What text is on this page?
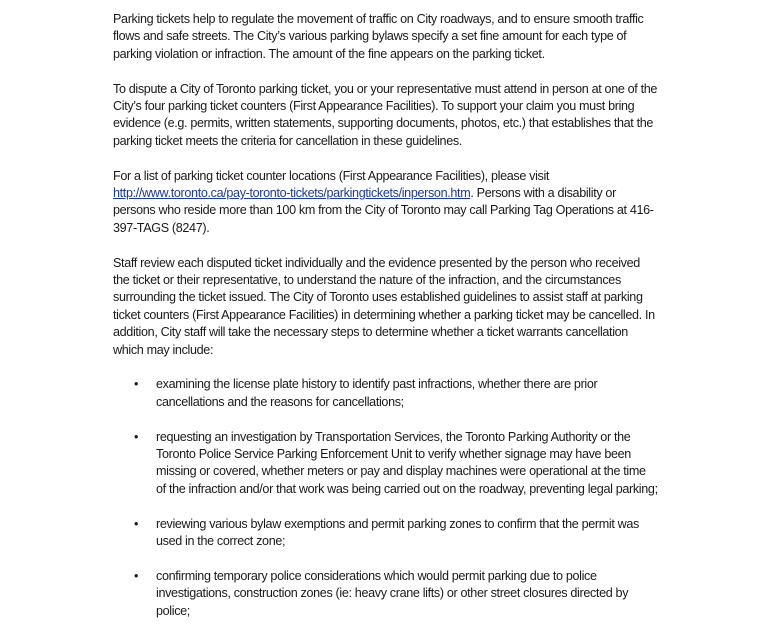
Parking tickets help to regulate the movement of traffic on City roadways, and to ensure smooth traffic flows and safe streets. The City’s various parking bylaws specify a set fine amount for each type of parking violation or infraction. The amount of the fine appears on the parking ticket.

To dispute a City of Toronto parking ticket, you or your representative must attend in person at one of the City’s four parking ticket counters (First Appearance Facilities). To support your claim you must bring evidence (e.g. permits, written statements, supporting documents, photos, etc.) that establishes that the parking ticket meets the criteria for cancellation in these guidelines.

For a list of parking ticket counter locations (First Appearance Facilities), please visit http://www.toronto.ca/pay-toronto-tickets/parkingtickets/inperson.htm. Persons with a disability or persons who reside more than 100 km from the City of Toronto may call Parking Tag Operations at 416-397-TAGS (8247).

Staff review each disputed ticket individually and the evidence presented by the person who received the ticket or their representative, to understand the nature of the infraction, and the circumstances surrounding the ticket issued. The City of Toronto uses established guidelines to assist staff at parking ticket counters (First Appearance Facilities) in determining whether a parking ticket may be cancelled. In addition, City staff will take the necessary steps to determine whether a ticket warrants cancellation which may include:

• examining the license plate history to identify past infractions, whether there are prior cancellations and the reasons for cancellations;
• requesting an investigation by Transportation Services, the Toronto Parking Authority or the Toronto Police Service Parking Enforcement Unit to verify whether signage may have been missing or covered, whether meters or pay and display machines were operational at the time of the infraction and/or that work was being carried out on the roadway, preventing legal parking;
• reviewing various bylaw exemptions and permit parking zones to confirm that the permit was used in the correct zone;
• confirming temporary police considerations which would permit parking due to police investigations, construction zones (ie: heavy crane lifts) or other street closures directed by police;
